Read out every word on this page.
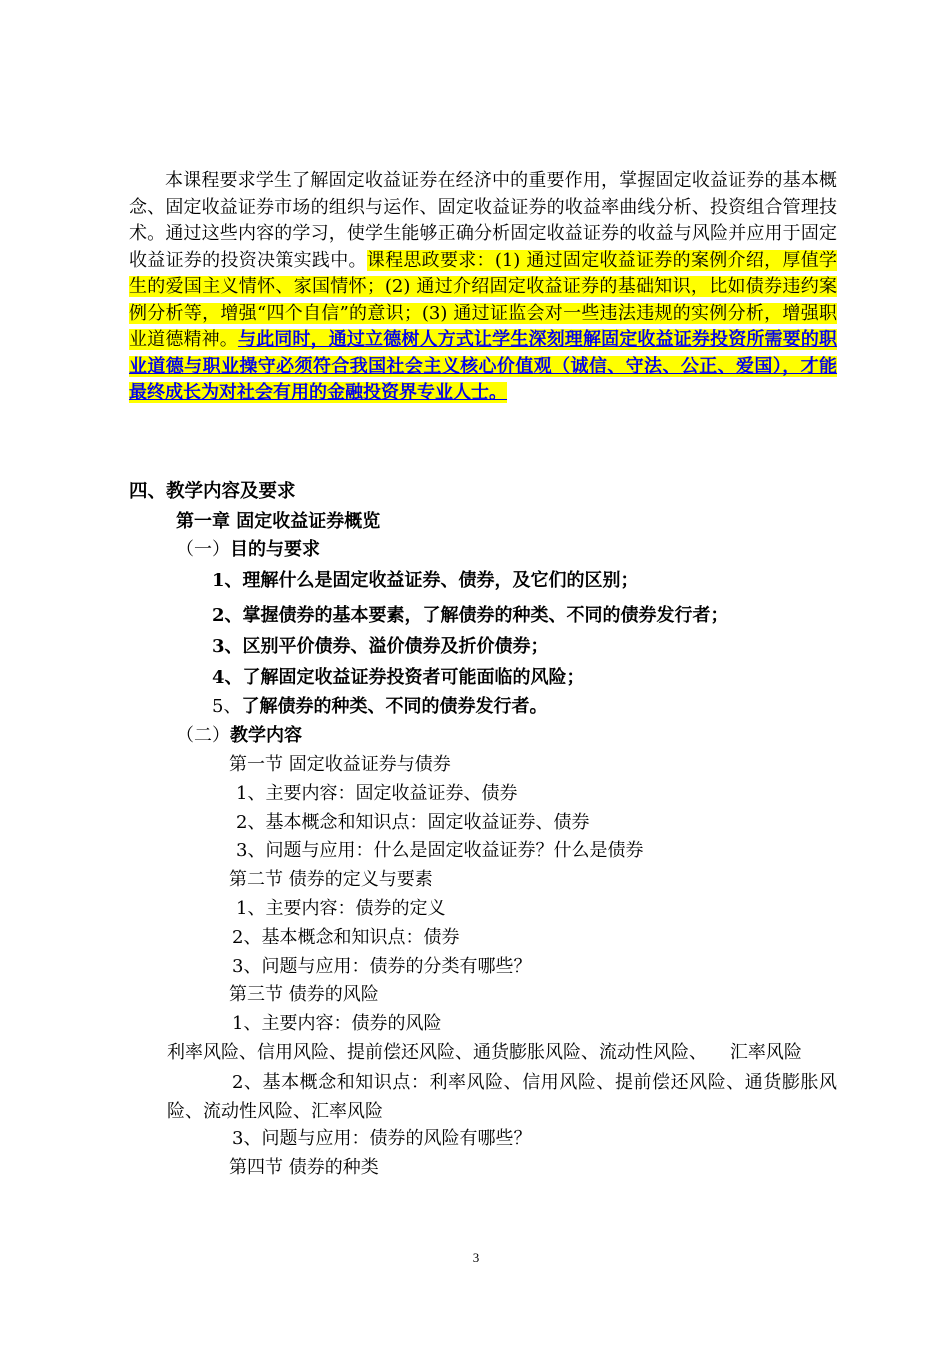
本课程要求学生了解固定收益证券在经济中的重要作用，掌握固定收益证券的基本概念、固定收益证券市场的组织与运作、固定收益证券的收益率曲线分析、投资组合管理技术。通过这些内容的学习，使学生能够正确分析固定收益证券的收益与风险并应用于固定收益证券的投资决策实践中。课程思政要求：(1) 通过固定收益证券的案例介绍，厚值学生的爱国主义情怀、家国情怀；(2) 通过介绍固定收益证券的基础知识，比如债券违约案例分析等，增强“四个自信”的意识；(3) 通过证监会对一些违法违规的实例分析，增强职业道德精神。与此同时，通过立德树人方式让学生深刻理解固定收益证券投资所需要的职业道德与职业操守必须符合我国社会主义核心价值观（诚信、守法、公正、爱国），才能最终成长为对社会有用的金融投资界专业人士。
四、教学内容及要求
第一章 固定收益证券概览
（一）目的与要求
1、理解什么是固定收益证券、债券，及它们的区别；
2、掌握债券的基本要素，了解债券的种类、不同的债券发行者；
3、区别平价债券、溢价债券及折价债券；
4、了解固定收益证券投资者可能面临的风险；
5、了解债券的种类、不同的债券发行者。
（二）教学内容
第一节 固定收益证券与债券
1、主要内容：固定收益证券、债券
2、基本概念和知识点：固定收益证券、债券
3、问题与应用：什么是固定收益证券？什么是债券
第二节 债券的定义与要素
1、主要内容：债券的定义
2、基本概念和知识点：债券
3、问题与应用：债券的分类有哪些？
第三节 债券的风险
1、主要内容：债券的风险
利率风险、信用风险、提前偿还风险、通货膨胀风险、流动性风险、    汇率风险
2、基本概念和知识点：利率风险、信用风险、提前偿还风险、通货膨胀风险、流动性风险、汇率风险
3、问题与应用：债券的风险有哪些？
第四节 债券的种类
3
